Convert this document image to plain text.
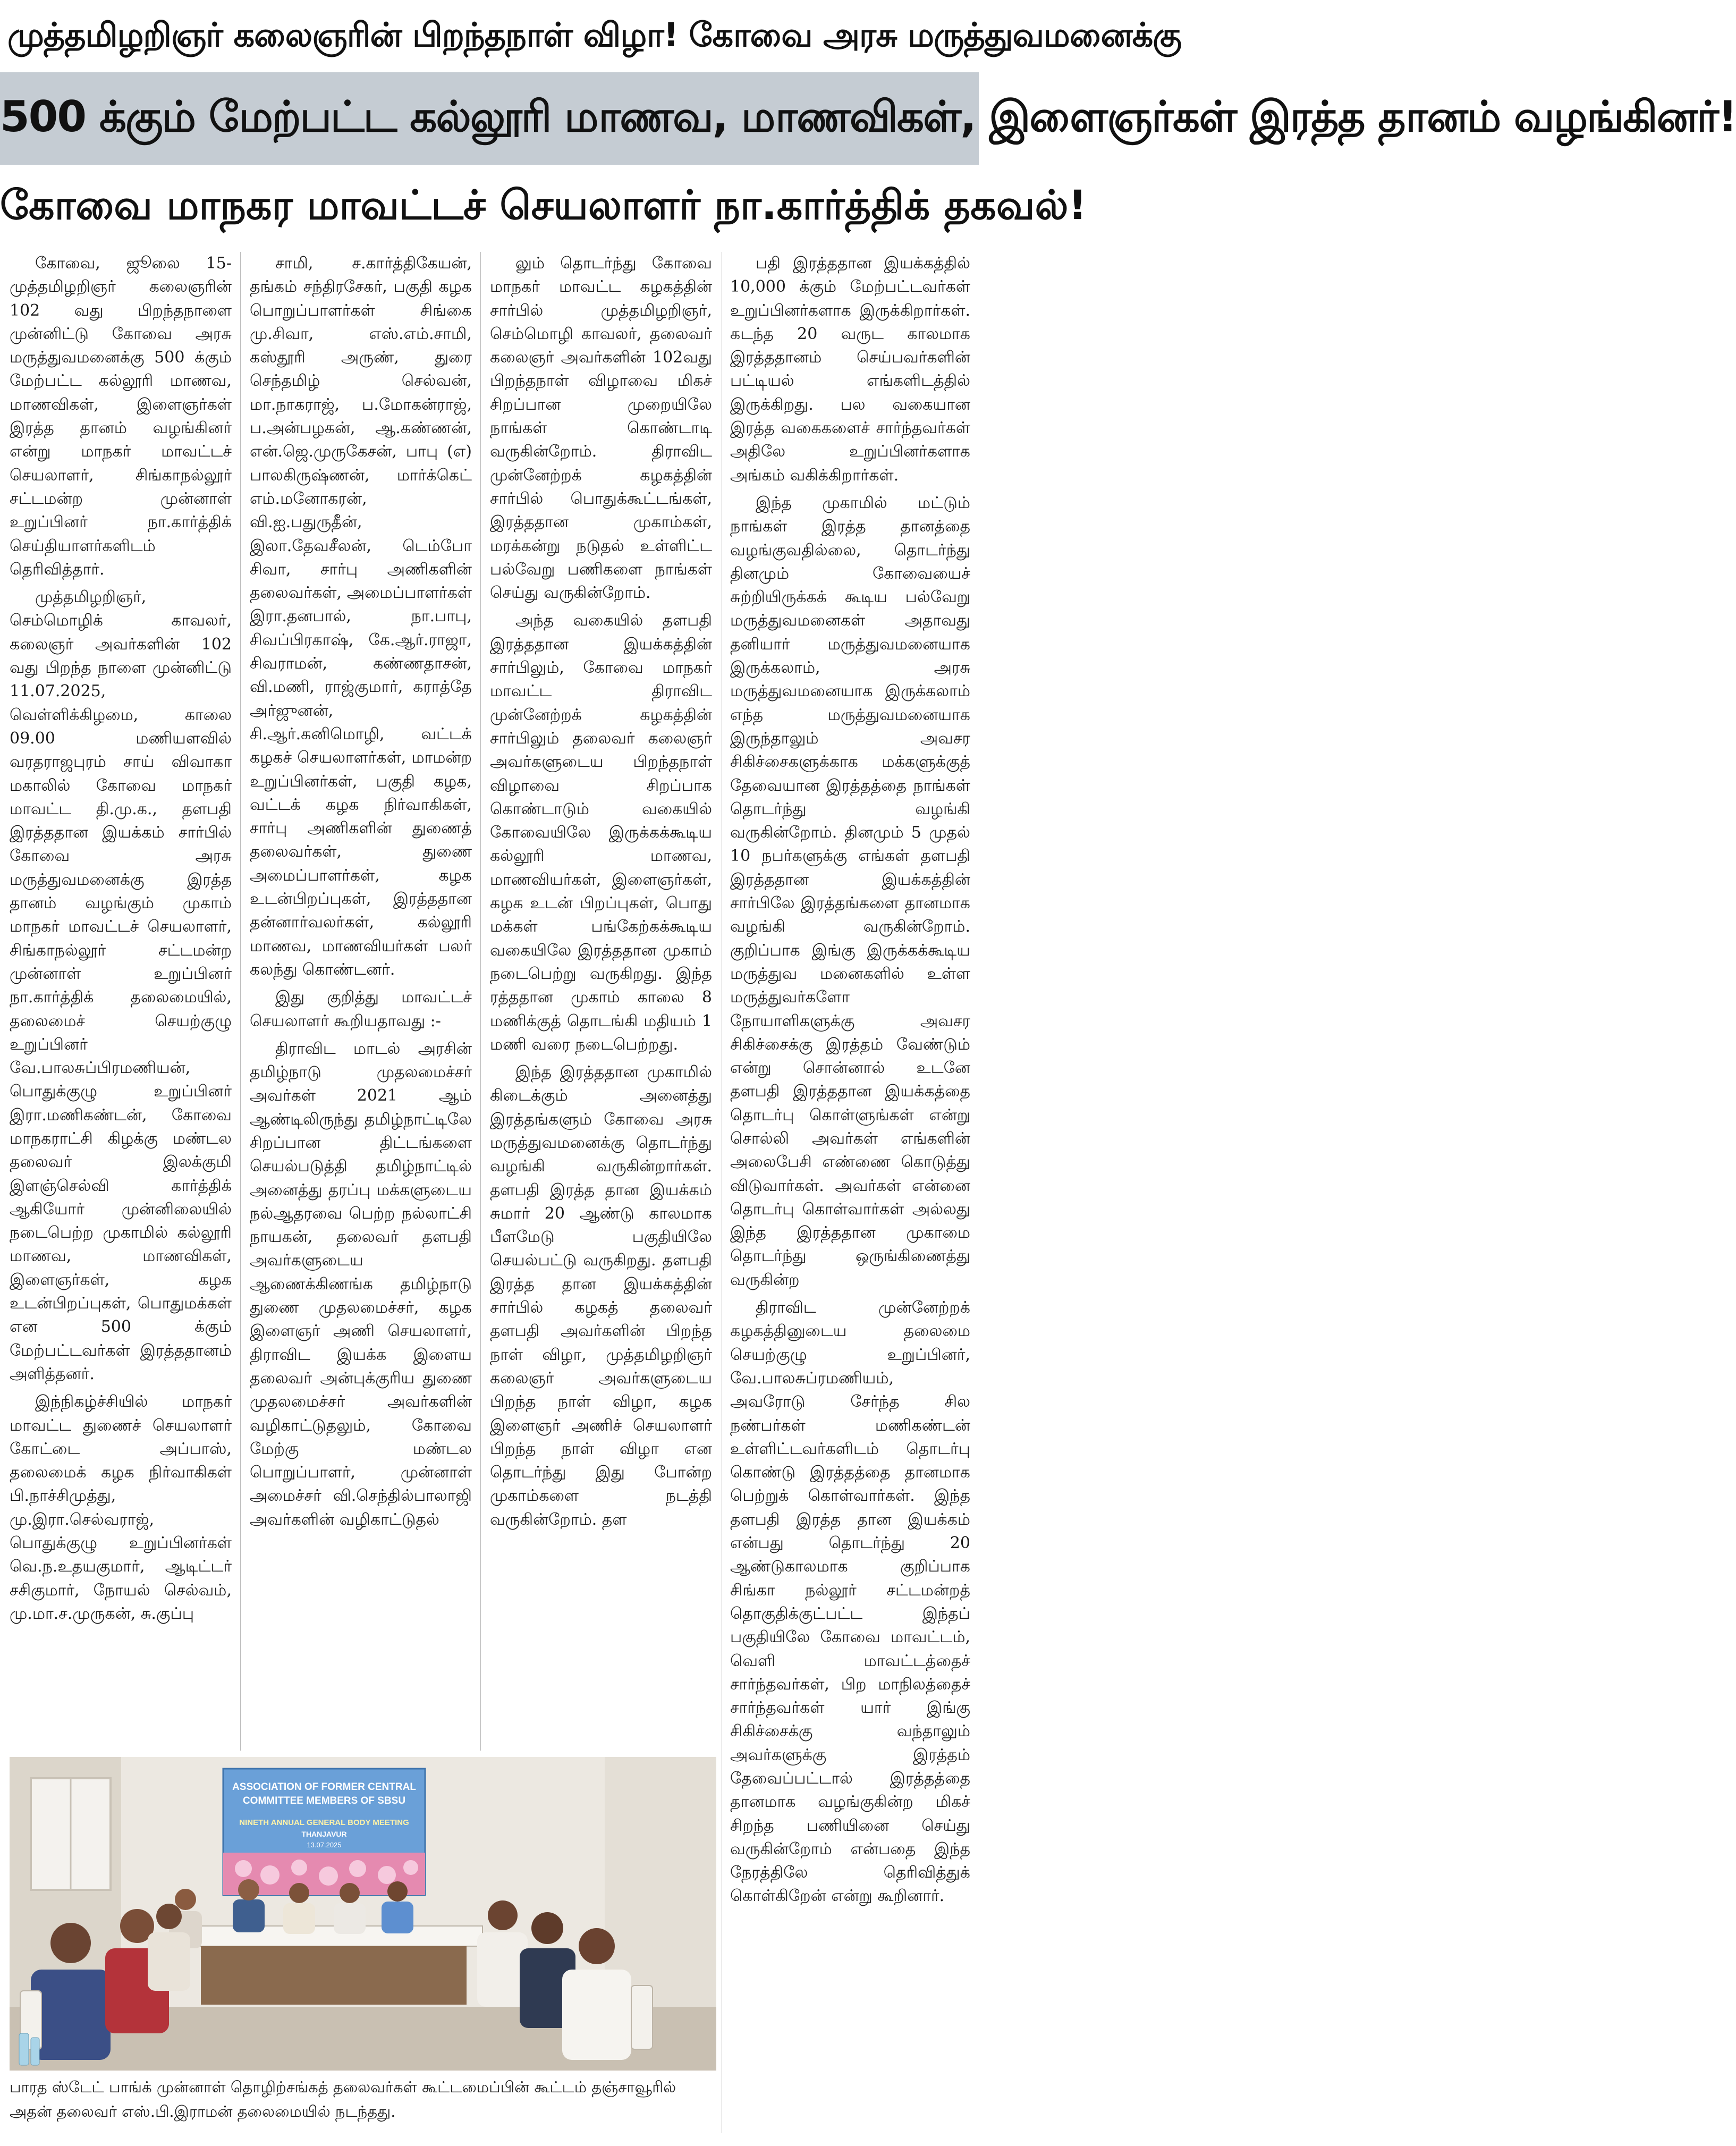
முத்தமிழறிஞர் கலைஞரின் பிறந்தநாள் விழா! கோவை அரசு மருத்துவமனைக்கு
500 க்கும் மேற்பட்ட கல்லூரி மாணவ, மாணவிகள், இளைஞர்கள் இரத்த தானம் வழங்கினர்!
கோவை மாநகர மாவட்டச் செயலாளர் நா.கார்த்திக் தகவல்!

கோவை, ஜூலை 15- முத்தமிழறிஞர் கலைஞரின் 102 வது பிறந்தநாளை முன்னிட்டு கோவை அரசு மருத்துவமனைக்கு 500 க்கும் மேற்பட்ட கல்லூரி மாணவ, மாணவிகள், இளைஞர்கள் இரத்த தானம் வழங்கினர் என்று மாநகர் மாவட்டச் செயலாளர், சிங்காநல்லூர் சட்டமன்ற முன்னாள் உறுப்பினர் நா.கார்த்திக் செய்தியாளர்களிடம் தெரிவித்தார்.

முத்தமிழறிஞர், செம்மொழிக் காவலர், கலைஞர் அவர்களின் 102 வது பிறந்த நாளை முன்னிட்டு 11.07.2025, வெள்ளிக்கிழமை, காலை 09.00 மணியளவில் வரதராஜபுரம் சாய் விவாகா மகாலில் கோவை மாநகர் மாவட்ட தி.மு.க., தளபதி இரத்ததான இயக்கம் சார்பில் கோவை அரசு மருத்துவமனைக்கு இரத்த தானம் வழங்கும் முகாம் மாநகர் மாவட்டச் செயலாளர், சிங்காநல்லூர் சட்டமன்ற முன்னாள் உறுப்பினர் நா.கார்த்திக் தலைமையில், தலைமைச் செயற்குழு உறுப்பினர் வே.பாலசுப்பிரமணியன், பொதுக்குழு உறுப்பினர் இரா.மணிகண்டன், கோவை மாநகராட்சி கிழக்கு மண்டல தலைவர் இலக்குமி இளஞ்செல்வி கார்த்திக் ஆகியோர் முன்னிலையில் நடைபெற்ற முகாமில் கல்லூரி மாணவ, மாணவிகள், இளைஞர்கள், கழக உடன்பிறப்புகள், பொதுமக்கள் என 500 க்கும் மேற்பட்டவர்கள் இரத்ததானம் அளித்தனர்.

இந்நிகழ்ச்சியில் மாநகர் மாவட்ட துணைச் செயலாளர் கோட்டை அப்பாஸ், தலைமைக் கழக நிர்வாகிகள் பி.நாச்சிமுத்து, மு.இரா.செல்வராஜ், பொதுக்குழு உறுப்பினர்கள் வெ.ந.உதயகுமார், ஆடிட்டர் சசிகுமார், நோயல் செல்வம், மு.மா.ச.முருகன், சு.குப்பு

சாமி, ச.கார்த்திகேயன், தங்கம் சந்திரசேகர், பகுதி கழக பொறுப்பாளர்கள் சிங்கை மு.சிவா, எஸ்.எம்.சாமி, கஸ்தூரி அருண், துரை செந்தமிழ் செல்வன், மா.நாகராஜ், ப.மோகன்ராஜ், ப.அன்பழகன், ஆ.கண்ணன், என்.ஜெ.முருகேசன், பாபு (எ) பாலகிருஷ்ணன், மார்க்கெட் எம்.மனோகரன், வி.ஐ.பதுருதீன், இலா.தேவசீலன், டெம்போ சிவா, சார்பு அணிகளின் தலைவர்கள், அமைப்பாளர்கள் இரா.தனபால், நா.பாபு, சிவப்பிரகாஷ், கே.ஆர்.ராஜா, சிவராமன், கண்ணதாசன், வி.மணி, ராஜ்குமார், கராத்தே அர்ஜுனன், சி.ஆர்.கனிமொழி, வட்டக் கழகச் செயலாளர்கள், மாமன்ற உறுப்பினர்கள், பகுதி கழக, வட்டக் கழக நிர்வாகிகள், சார்பு அணிகளின் துணைத் தலைவர்கள், துணை அமைப்பாளர்கள், கழக உடன்பிறப்புகள், இரத்ததான தன்னார்வலர்கள், கல்லூரி மாணவ, மாணவியர்கள் பலர் கலந்து கொண்டனர்.

இது குறித்து மாவட்டச் செயலாளர் கூறியதாவது :-

திராவிட மாடல் அரசின் தமிழ்நாடு முதலமைச்சர் அவர்கள் 2021 ஆம் ஆண்டிலிருந்து தமிழ்நாட்டிலே சிறப்பான திட்டங்களை செயல்படுத்தி தமிழ்நாட்டில் அனைத்து தரப்பு மக்களுடைய நல்ஆதரவை பெற்ற நல்லாட்சி நாயகன், தலைவர் தளபதி அவர்களுடைய ஆணைக்கிணங்க தமிழ்நாடு துணை முதலமைச்சர், கழக இளைஞர் அணி செயலாளர், திராவிட இயக்க இளைய தலைவர் அன்புக்குரிய துணை முதலமைச்சர் அவர்களின் வழிகாட்டுதலும், கோவை மேற்கு மண்டல பொறுப்பாளர், முன்னாள் அமைச்சர் வி.செந்தில்பாலாஜி அவர்களின் வழிகாட்டுதல்

லும் தொடர்ந்து கோவை மாநகர் மாவட்ட கழகத்தின் சார்பில் முத்தமிழறிஞர், செம்மொழி காவலர், தலைவர் கலைஞர் அவர்களின் 102வது பிறந்தநாள் விழாவை மிகச் சிறப்பான முறையிலே நாங்கள் கொண்டாடி வருகின்றோம். திராவிட முன்னேற்றக் கழகத்தின் சார்பில் பொதுக்கூட்டங்கள், இரத்ததான முகாம்கள், மரக்கன்று நடுதல் உள்ளிட்ட பல்வேறு பணிகளை நாங்கள் செய்து வருகின்றோம்.

அந்த வகையில் தளபதி இரத்ததான இயக்கத்தின் சார்பிலும், கோவை மாநகர் மாவட்ட திராவிட முன்னேற்றக் கழகத்தின் சார்பிலும் தலைவர் கலைஞர் அவர்களுடைய பிறந்தநாள் விழாவை சிறப்பாக கொண்டாடும் வகையில் கோவையிலே இருக்கக்கூடிய கல்லூரி மாணவ, மாணவியர்கள், இளைஞர்கள், கழக உடன் பிறப்புகள், பொது மக்கள் பங்கேற்கக்கூடிய வகையிலே இரத்ததான முகாம் நடைபெற்று வருகிறது. இந்த ரத்ததான முகாம் காலை 8 மணிக்குத் தொடங்கி மதியம் 1 மணி வரை நடைபெற்றது.

இந்த இரத்ததான முகாமில் கிடைக்கும் அனைத்து இரத்தங்களும் கோவை அரசு மருத்துவமனைக்கு தொடர்ந்து வழங்கி வருகின்றார்கள். தளபதி இரத்த தான இயக்கம் சுமார் 20 ஆண்டு காலமாக பீளமேடு பகுதியிலே செயல்பட்டு வருகிறது. தளபதி இரத்த தான இயக்கத்தின் சார்பில் கழகத் தலைவர் தளபதி அவர்களின் பிறந்த நாள் விழா, முத்தமிழறிஞர் கலைஞர் அவர்களுடைய பிறந்த நாள் விழா, கழக இளைஞர் அணிச் செயலாளர் பிறந்த நாள் விழா என தொடர்ந்து இது போன்ற முகாம்களை நடத்தி வருகின்றோம். தள

பதி இரத்ததான இயக்கத்தில் 10,000 க்கும் மேற்பட்டவர்கள் உறுப்பினர்களாக இருக்கிறார்கள். கடந்த 20 வருட காலமாக இரத்ததானம் செய்பவர்களின் பட்டியல் எங்களிடத்தில் இருக்கிறது. பல வகையான இரத்த வகைகளைச் சார்ந்தவர்கள் அதிலே உறுப்பினர்களாக அங்கம் வகிக்கிறார்கள்.

இந்த முகாமில் மட்டும் நாங்கள் இரத்த தானத்தை வழங்குவதில்லை, தொடர்ந்து தினமும் கோவையைச் சுற்றியிருக்கக் கூடிய பல்வேறு மருத்துவமனைகள் அதாவது தனியார் மருத்துவமனையாக இருக்கலாம், அரசு மருத்துவமனையாக இருக்கலாம் எந்த மருத்துவமனையாக இருந்தாலும் அவசர சிகிச்சைகளுக்காக மக்களுக்குத் தேவையான இரத்தத்தை நாங்கள் தொடர்ந்து வழங்கி வருகின்றோம். தினமும் 5 முதல் 10 நபர்களுக்கு எங்கள் தளபதி இரத்ததான இயக்கத்தின் சார்பிலே இரத்தங்களை தானமாக வழங்கி வருகின்றோம். குறிப்பாக இங்கு இருக்கக்கூடிய மருத்துவ மனைகளில் உள்ள மருத்துவர்களோ நோயாளிகளுக்கு அவசர சிகிச்சைக்கு இரத்தம் வேண்டும் என்று சொன்னால் உடனே தளபதி இரத்ததான இயக்கத்தை தொடர்பு கொள்ளுங்கள் என்று சொல்லி அவர்கள் எங்களின் அலைபேசி எண்ணை கொடுத்து விடுவார்கள். அவர்கள் என்னை தொடர்பு கொள்வார்கள் அல்லது இந்த இரத்ததான முகாமை தொடர்ந்து ஒருங்கிணைத்து வருகின்ற

திராவிட முன்னேற்றக் கழகத்தினுடைய தலைமை செயற்குழு உறுப்பினர், வே.பாலசுப்ரமணியம், அவரோடு சேர்ந்த சில நண்பர்கள் மணிகண்டன் உள்ளிட்டவர்களிடம் தொடர்பு கொண்டு இரத்தத்தை தானமாக பெற்றுக் கொள்வார்கள். இந்த தளபதி இரத்த தான இயக்கம் என்பது தொடர்ந்து 20 ஆண்டுகாலமாக குறிப்பாக சிங்கா நல்லூர் சட்டமன்றத் தொகுதிக்குட்பட்ட இந்தப் பகுதியிலே கோவை மாவட்டம், வெளி மாவட்டத்தைச் சார்ந்தவர்கள், பிற மாநிலத்தைச் சார்ந்தவர்கள் யார் இங்கு சிகிச்சைக்கு வந்தாலும் அவர்களுக்கு இரத்தம் தேவைப்பட்டால் இரத்தத்தை தானமாக வழங்குகின்ற மிகச் சிறந்த பணியினை செய்து வருகின்றோம் என்பதை இந்த நேரத்திலே தெரிவித்துக் கொள்கிறேன் என்று கூறினார்.

ASSOCIATION OF FORMER CENTRAL
COMMITTEE MEMBERS OF SBSU
NINETH ANNUAL GENERAL BODY MEETING
THANJAVUR
13.07.2025
பாரத ஸ்டேட் பாங்க் முன்னாள் தொழிற்சங்கத் தலைவர்கள் கூட்டமைப்பின் கூட்டம் தஞ்சாவூரில் அதன் தலைவர் எஸ்.பி.இராமன் தலைமையில் நடந்தது.
